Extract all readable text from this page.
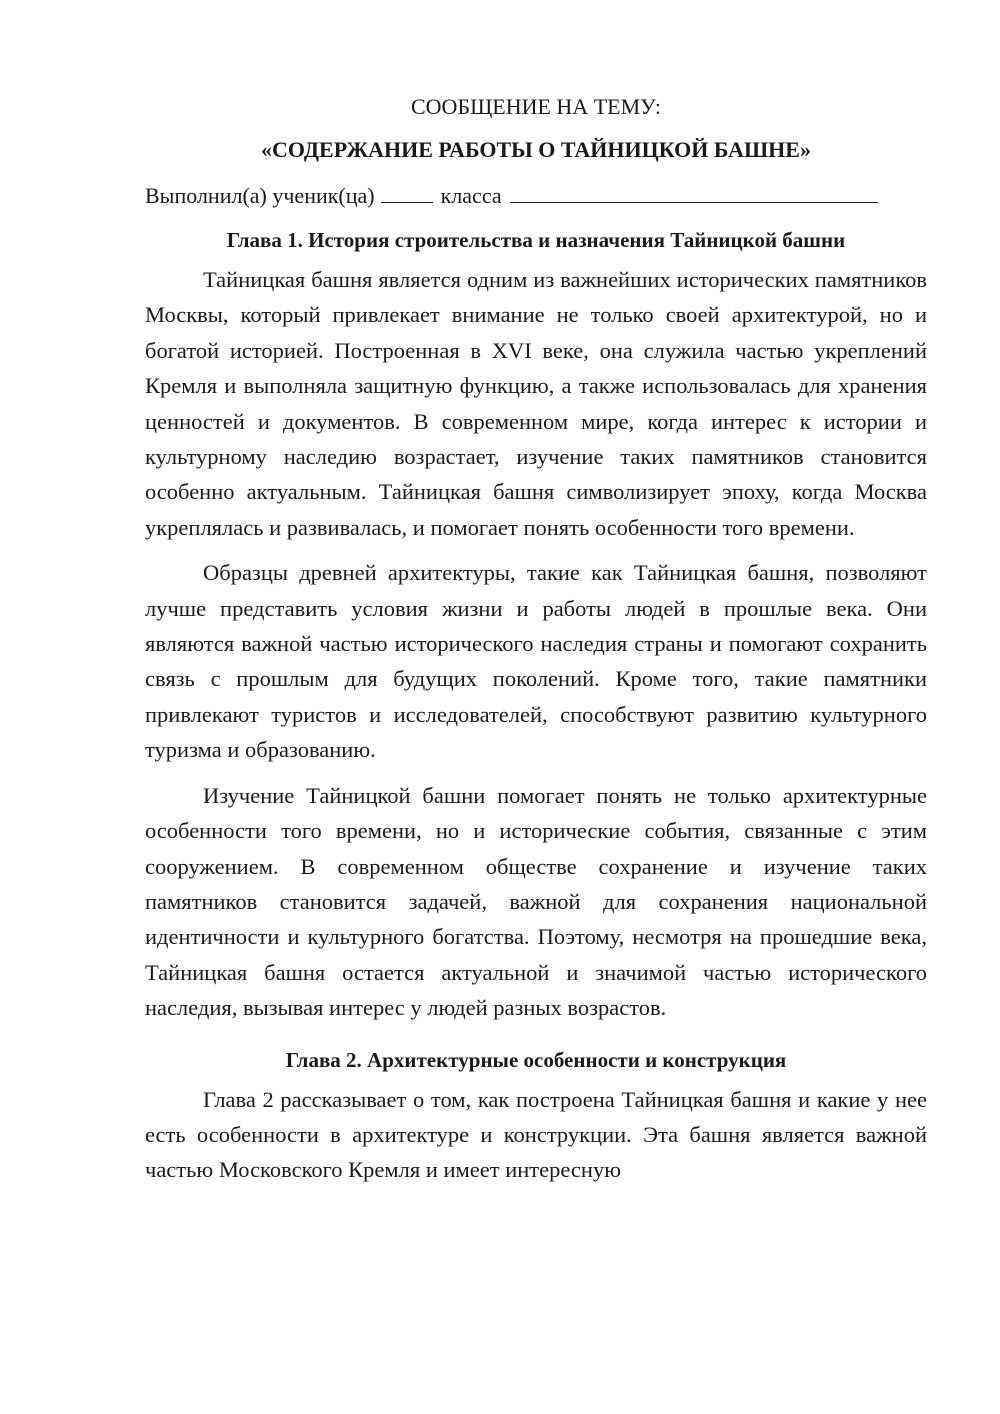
СООБЩЕНИЕ НА ТЕМУ:

«СОДЕРЖАНИЕ РАБОТЫ О ТАЙНИЦКОЙ БАШНЕ»

Выполнил(а) ученик(ца)	класса

Глава 1. История строительства и назначения Тайницкой башни

Тайницкая башня является одним из важнейших исторических памятников Москвы, который привлекает внимание не только своей архитектурой, но и богатой историей. Построенная в XVI веке, она служила частью укреплений Кремля и выполняла защитную функцию, а также использовалась для хранения ценностей и документов. В современном мире, когда интерес к истории и культурному наследию возрастает, изучение таких памятников становится особенно актуальным. Тайницкая башня символизирует эпоху, когда Москва укреплялась и развивалась, и помогает понять особенности того времени.

Образцы древней архитектуры, такие как Тайницкая башня, позволяют лучше представить условия жизни и работы людей в прошлые века. Они являются важной частью исторического наследия страны и помогают сохранить связь с прошлым для будущих поколений. Кроме того, такие памятники привлекают туристов и исследователей, способствуют развитию культурного туризма и образованию.

Изучение Тайницкой башни помогает понять не только архитектурные особенности того времени, но и исторические события, связанные с этим сооружением. В современном обществе сохранение и изучение таких памятников становится задачей, важной для сохранения национальной идентичности и культурного богатства. Поэтому, несмотря на прошедшие века, Тайницкая башня остается актуальной и значимой частью исторического наследия, вызывая интерес у людей разных возрастов.

Глава 2. Архитектурные особенности и конструкция

Глава 2 рассказывает о том, как построена Тайницкая башня и какие у нее есть особенности в архитектуре и конструкции. Эта башня является важной частью Московского Кремля и имеет интересную
